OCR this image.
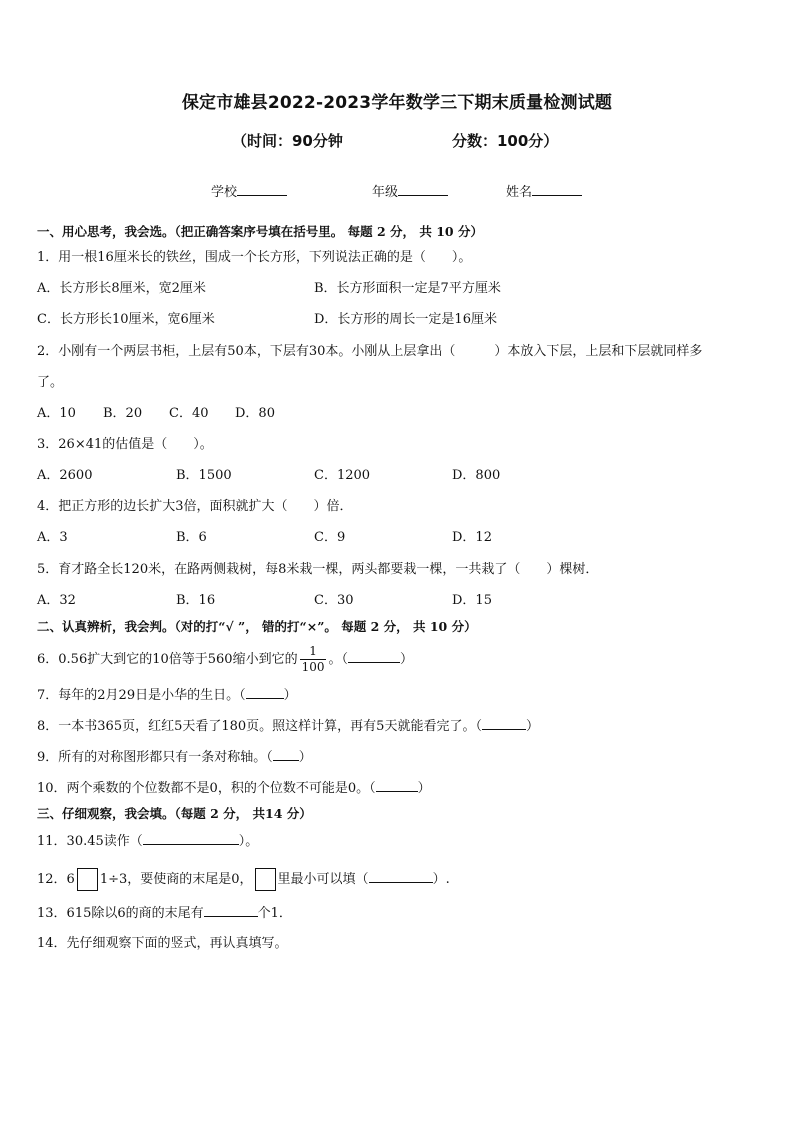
保定市雄县2022-2023学年数学三下期末质量检测试题
（时间：90分钟	分数：100分）
学校	年级	姓名
一、用心思考，我会选。（把正确答案序号填在括号里。 每题 2 分， 共 10 分）
1．用一根16厘米长的铁丝，围成一个长方形，下列说法正确的是（　　）。
A．长方形长8厘米，宽2厘米	B．长方形面积一定是7平方厘米
C．长方形长10厘米，宽6厘米	D．长方形的周长一定是16厘米
2．小刚有一个两层书柜，上层有50本，下层有30本。小刚从上层拿出（　　　）本放入下层，上层和下层就同样多
了。
A．10 B．20 C．40 D．80
3．26×41的估值是（　　）。
A．2600	B．1500	C．1200	D．800
4．把正方形的边长扩大3倍，面积就扩大（　　）倍．
A．3	B．6	C．9	D．12
5．育才路全长120米，在路两侧栽树，每8米栽一棵，两头都要栽一棵，一共栽了（　　）棵树．
A．32	B．16	C．30	D．15
二、认真辨析，我会判。（对的打“√ ”， 错的打“×”。 每题 2 分， 共 10 分）
6．0.56扩大到它的10倍等于560缩小到它的 $\frac{1}{100}$ 。（	）
7．每年的2月29日是小华的生日。（	）
8．一本书365页，红红5天看了180页。照这样计算，再有5天就能看完了。（	）
9．所有的对称图形都只有一条对称轴。（ ）
10．两个乘数的个位数都不是0，积的个位数不可能是0。（	）
三、仔细观察，我会填。（每题 2 分， 共14 分）
11．30.45读作（	）。
12．6 1÷3，要使商的末尾是0， 里最小可以填（	）.
13．615除以6的商的末尾有	个1．
14．先仔细观察下面的竖式，再认真填写。
